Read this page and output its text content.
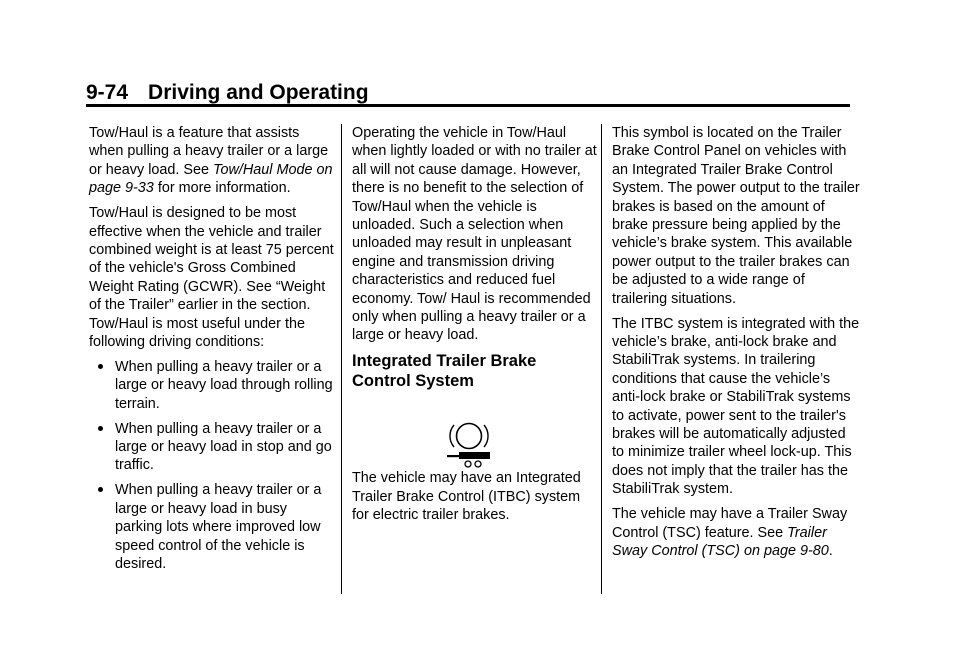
9-74 Driving and Operating

Tow/Haul is a feature that assists when pulling a heavy trailer or a large or heavy load. See Tow/Haul Mode on page 9-33 for more information.

Tow/Haul is designed to be most effective when the vehicle and trailer combined weight is at least 75 percent of the vehicle's Gross Combined Weight Rating (GCWR). See “Weight of the Trailer” earlier in the section. Tow/Haul is most useful under the following driving conditions:

When pulling a heavy trailer or a large or heavy load through rolling terrain.
When pulling a heavy trailer or a large or heavy load in stop and go traffic.
When pulling a heavy trailer or a large or heavy load in busy parking lots where improved low speed control of the vehicle is desired.

Operating the vehicle in Tow/Haul when lightly loaded or with no trailer at all will not cause damage. However, there is no benefit to the selection of Tow/Haul when the vehicle is unloaded. Such a selection when unloaded may result in unpleasant engine and transmission driving characteristics and reduced fuel economy. Tow/ Haul is recommended only when pulling a heavy trailer or a large or heavy load.

Integrated Trailer Brake Control System

The vehicle may have an Integrated Trailer Brake Control (ITBC) system for electric trailer brakes.

This symbol is located on the Trailer Brake Control Panel on vehicles with an Integrated Trailer Brake Control System. The power output to the trailer brakes is based on the amount of brake pressure being applied by the vehicle’s brake system. This available power output to the trailer brakes can be adjusted to a wide range of trailering situations.

The ITBC system is integrated with the vehicle’s brake, anti-lock brake and StabiliTrak systems. In trailering conditions that cause the vehicle’s anti-lock brake or StabiliTrak systems to activate, power sent to the trailer's brakes will be automatically adjusted to minimize trailer wheel lock-up. This does not imply that the trailer has the StabiliTrak system.

The vehicle may have a Trailer Sway Control (TSC) feature. See Trailer Sway Control (TSC) on page 9-80.
